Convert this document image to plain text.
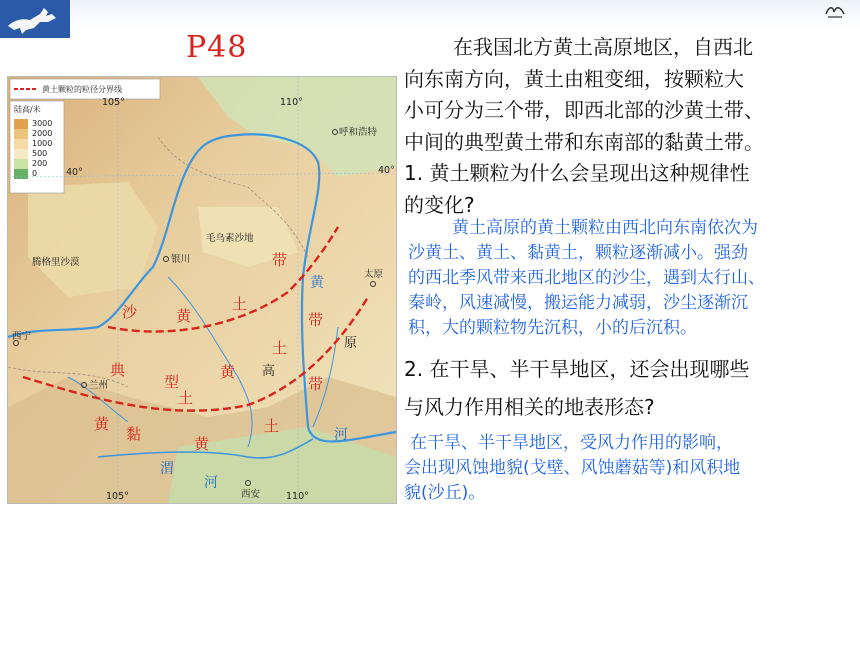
P48
黄土颗粒的粒径分界线
陆高/米
3000
2000
1000
500
200
0
105°	110°
105°	110°
40°	40°
腾格里沙漠
毛乌素沙地
呼和浩特
银川
太原
西宁
兰州
西安
渭
河
河
沙	黄
土
带
典
型
土
黄 高
土
带
黄
黏
黄
土
带
黄
原
在我国北方黄土高原地区，自西北
向东南方向，黄土由粗变细，按颗粒大
小可分为三个带，即西北部的沙黄土带、
中间的典型黄土带和东南部的黏黄土带。
1. 黄土颗粒为什么会呈现出这种规律性
的变化?
黄土高原的黄土颗粒由西北向东南依次为
沙黄土、黄土、黏黄土，颗粒逐渐减小。强劲
的西北季风带来西北地区的沙尘，遇到太行山、
秦岭，风速减慢，搬运能力减弱，沙尘逐渐沉
积，大的颗粒物先沉积，小的后沉积。
2. 在干旱、半干旱地区，还会出现哪些
与风力作用相关的地表形态?
在干旱、半干旱地区，受风力作用的影响，
会出现风蚀地貌(戈壁、风蚀蘑菇等)和风积地
貌(沙丘)。
